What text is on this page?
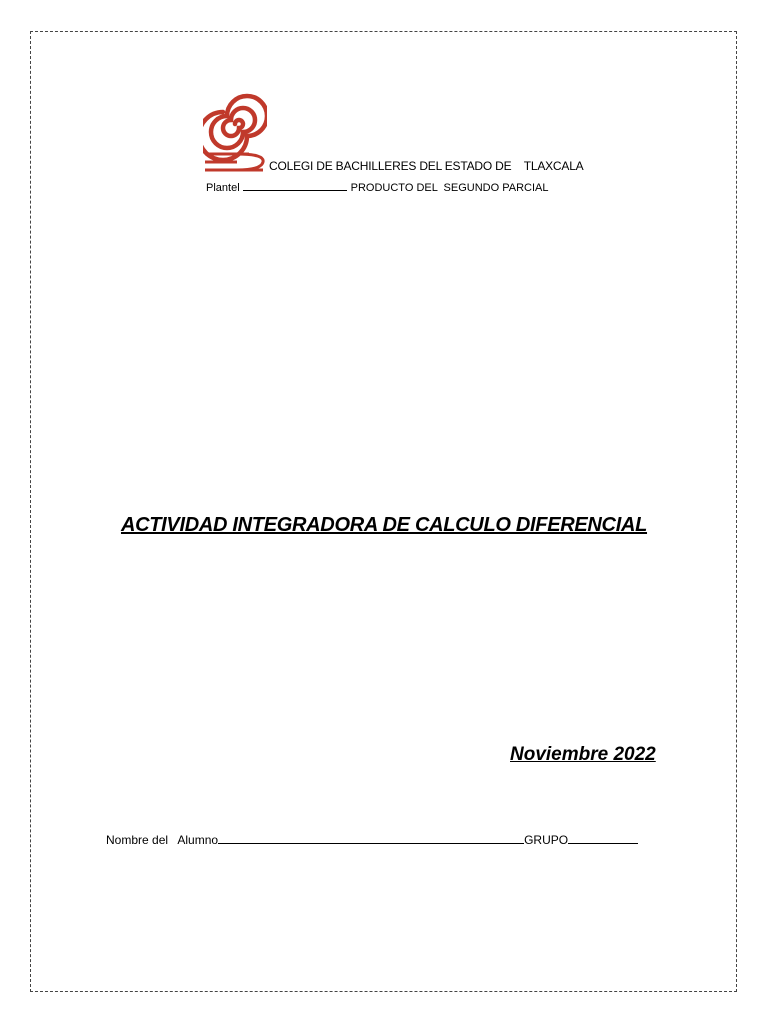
COLEGI DE BACHILLERES DEL ESTADO DE    TLAXCALA
Plantel	PRODUCTO DEL  SEGUNDO PARCIAL
ACTIVIDAD INTEGRADORA DE CALCULO DIFERENCIAL
Noviembre 2022
Nombre del   Alumno	GRUPO
